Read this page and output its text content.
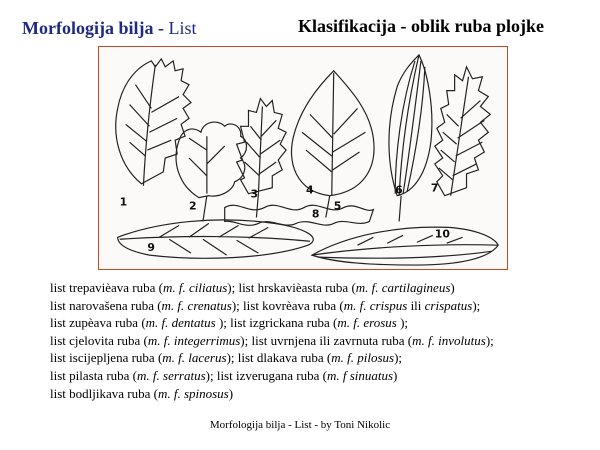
Morfologija bilja - List	Klasifikacija - oblik ruba plojke
1	2
3	4
5
6	7
8
9
10
list trepavièava ruba (m. f. ciliatus); list hrskavièasta ruba (m. f. cartilagineus)
list narovašena ruba (m. f. crenatus); list kovrèava ruba (m. f. crispus ili crispatus);
list zupèava ruba (m. f. dentatus ); list izgrickana ruba (m. f. erosus );
list cjelovita ruba (m. f. integerrimus); list uvrnjena ili zavrnuta ruba (m. f. involutus);
list iscijepljena ruba (m. f. lacerus); list dlakava ruba (m. f. pilosus);
list pilasta ruba (m. f. serratus); list izverugana ruba (m. f sinuatus)
list bodljikava ruba (m. f. spinosus)
Morfologija bilja - List - by Toni Nikolic
